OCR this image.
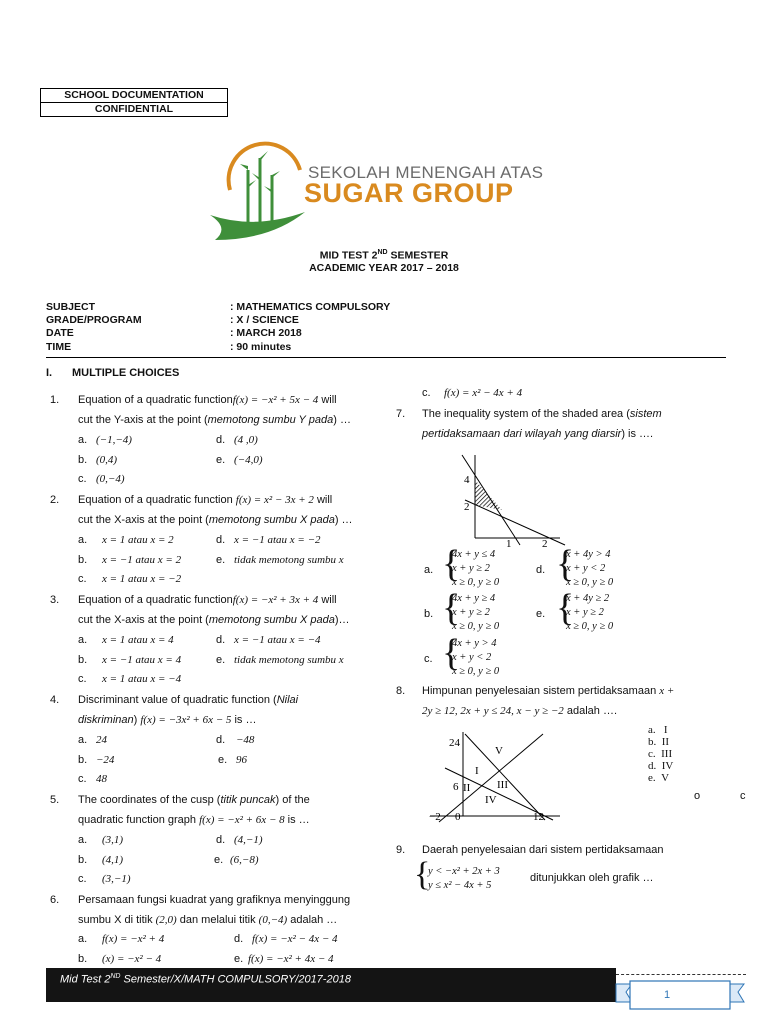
SCHOOL DOCUMENTATION
CONFIDENTIAL
SEKOLAH MENENGAH ATAS
SUGAR GROUP
MID TEST 2ND SEMESTER
ACADEMIC YEAR 2017 – 2018
SUBJECT	: MATHEMATICS COMPULSORY
GRADE/PROGRAM	: X / SCIENCE
DATE	: MARCH 2018
TIME	: 90 minutes
I. MULTIPLE CHOICES
1. Equation of a quadratic functionf(x) = −x² + 5x − 4 will
cut the Y-axis at the point (memotong sumbu Y pada) …
a. (−1,−4)	d. (4 ,0)
b. (0,4)	e. (−4,0)
c. (0,−4)
2. Equation of a quadratic function f(x) = x² − 3x + 2 will
cut the X-axis at the point (memotong sumbu X pada) …
a. x = 1 atau x = 2	d. x = −1 atau x = −2
b. x = −1 atau x = 2	e. tidak memotong sumbu x
c. x = 1 atau x = −2
3. Equation of a quadratic functionf(x) = −x² + 3x + 4 will
cut the X-axis at the point (memotong sumbu X pada)…
a. x = 1 atau x = 4	d. x = −1 atau x = −4
b. x = −1 atau x = 4	e. tidak memotong sumbu x
c. x = 1 atau x = −4
4. Discriminant value of quadratic function (Nilai
diskriminan) f(x) = −3x² + 6x − 5 is …
a. 24	d. −48
b. −24	e. 96
c. 48
5. The coordinates of the cusp (titik puncak) of the
quadratic function graph f(x) = −x² + 6x − 8 is …
a. (3,1)	d. (4,−1)
b. (4,1)	e. (6,−8)
c. (3,−1)
6. Persamaan fungsi kuadrat yang grafiknya menyinggung
sumbu X di titik (2,0) dan melalui titik (0,−4) adalah …
a. f(x) = −x² + 4	d. f(x) = −x² − 4x − 4
b. (x) = −x² − 4	e. f(x) = −x² + 4x − 4
c. f(x) = x² − 4x + 4
7. The inequality system of the shaded area (sistem
pertidaksamaan dari wilayah yang diarsir) is ….
4
2
1	2
a. {
4x + y ≤ 4
x + y ≥ 2
x ≥ 0, y ≥ 0
d. {
x + 4y > 4
x + y < 2
x ≥ 0, y ≥ 0
b. {
4x + y ≥ 4
x + y ≥ 2
x ≥ 0, y ≥ 0
e. {
x + 4y ≥ 2
x + y ≥ 2
x ≥ 0, y ≥ 0
c. {
4x + y > 4
x + y < 2
x ≥ 0, y ≥ 0
8. Himpunan penyelesaian sistem pertidaksamaan x +
2y ≥ 12, 2x + y ≤ 24, x − y ≥ −2 adalah ….
24
6
−2 0	12
V
I
II III
IV
a. I
b. II
c. III
d. IV
e. V
o	c
9. Daerah penyelesaian dari sistem pertidaksamaan
{
y < −x² + 2x + 3
y ≤ x² − 4x + 5
ditunjukkan oleh grafik …
Mid Test 2ND Semester/X/MATH COMPULSORY/2017-2018
1
